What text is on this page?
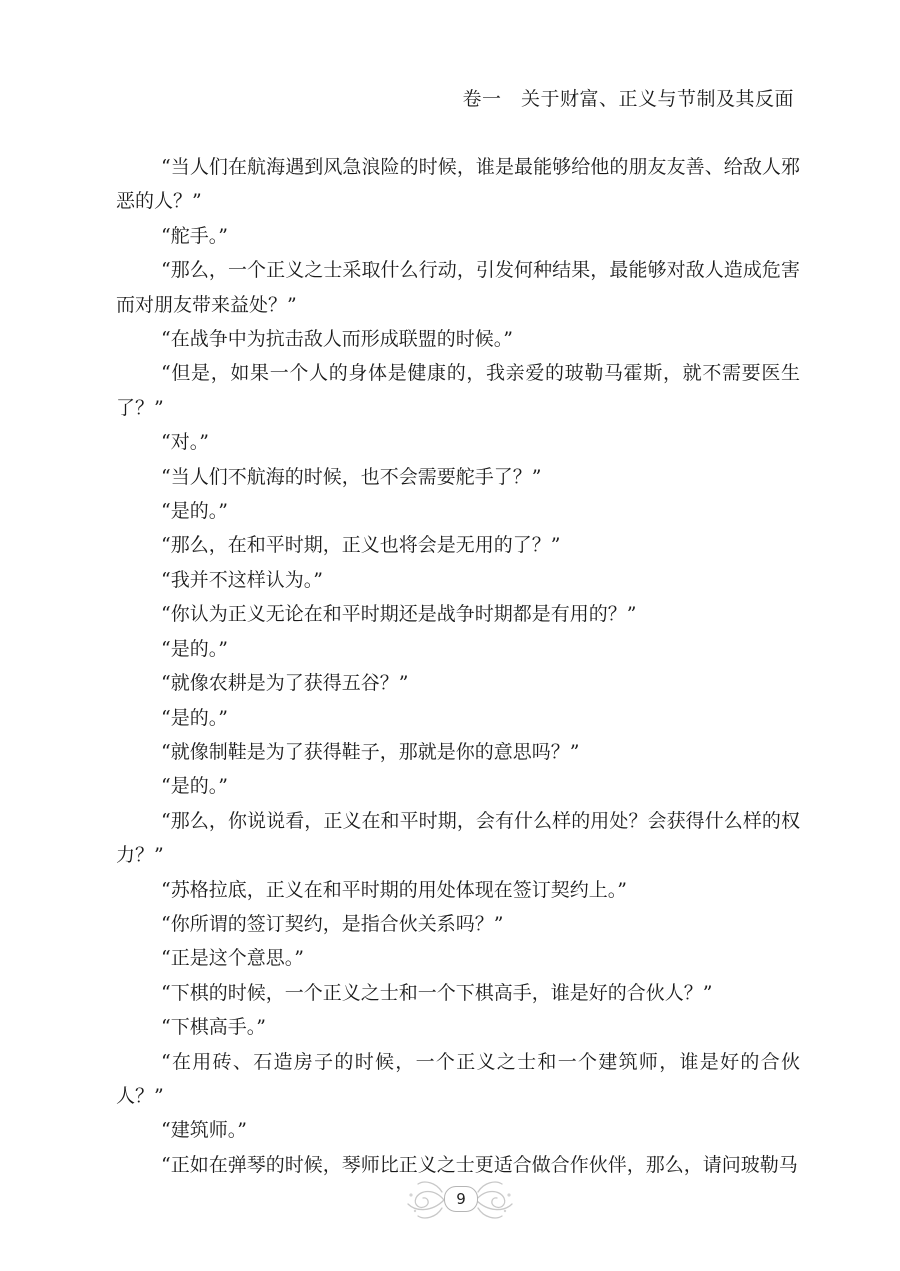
卷一　关于财富、正义与节制及其反面

“当人们在航海遇到风急浪险的时候，谁是最能够给他的朋友友善、给敌人邪恶的人？”

“舵手。”

“那么，一个正义之士采取什么行动，引发何种结果，最能够对敌人造成危害而对朋友带来益处？”

“在战争中为抗击敌人而形成联盟的时候。”

“但是，如果一个人的身体是健康的，我亲爱的玻勒马霍斯，就不需要医生了？”

“对。”

“当人们不航海的时候，也不会需要舵手了？”

“是的。”

“那么，在和平时期，正义也将会是无用的了？”

“我并不这样认为。”

“你认为正义无论在和平时期还是战争时期都是有用的？”

“是的。”

“就像农耕是为了获得五谷？”

“是的。”

“就像制鞋是为了获得鞋子，那就是你的意思吗？”

“是的。”

“那么，你说说看，正义在和平时期，会有什么样的用处？会获得什么样的权力？”

“苏格拉底，正义在和平时期的用处体现在签订契约上。”

“你所谓的签订契约，是指合伙关系吗？”

“正是这个意思。”

“下棋的时候，一个正义之士和一个下棋高手，谁是好的合伙人？”

“下棋高手。”

“在用砖、石造房子的时候，一个正义之士和一个建筑师，谁是好的合伙人？”

“建筑师。”

“正如在弹琴的时候，琴师比正义之士更适合做合作伙伴，那么，请问玻勒马

9
